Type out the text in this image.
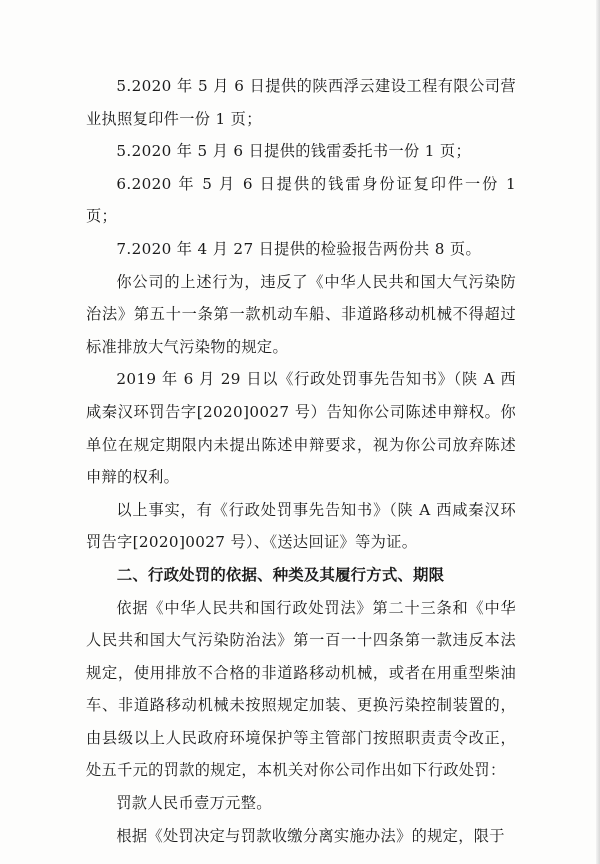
5.2020 年 5 月 6 日提供的陕西浮云建设工程有限公司营业执照复印件一份 1 页；

5.2020 年 5 月 6 日提供的钱雷委托书一份 1 页；

6.2020 年 5 月 6 日提供的钱雷身份证复印件一份 1 页；

7.2020 年 4 月 27 日提供的检验报告两份共 8 页。

你公司的上述行为，违反了《中华人民共和国大气污染防治法》第五十一条第一款机动车船、非道路移动机械不得超过标准排放大气污染物的规定。

2019 年 6 月 29 日以《行政处罚事先告知书》（陕 A 西咸秦汉环罚告字[2020]0027 号）告知你公司陈述申辩权。你单位在规定期限内未提出陈述申辩要求，视为你公司放弃陈述申辩的权利。

以上事实，有《行政处罚事先告知书》（陕 A 西咸秦汉环罚告字[2020]0027 号）、《送达回证》等为证。

二、行政处罚的依据、种类及其履行方式、期限

依据《中华人民共和国行政处罚法》第二十三条和《中华人民共和国大气污染防治法》第一百一十四条第一款违反本法规定，使用排放不合格的非道路移动机械，或者在用重型柴油车、非道路移动机械未按照规定加装、更换污染控制装置的，由县级以上人民政府环境保护等主管部门按照职责责令改正，处五千元的罚款的规定，本机关对你公司作出如下行政处罚：

罚款人民币壹万元整。

根据《处罚决定与罚款收缴分离实施办法》的规定，限于
